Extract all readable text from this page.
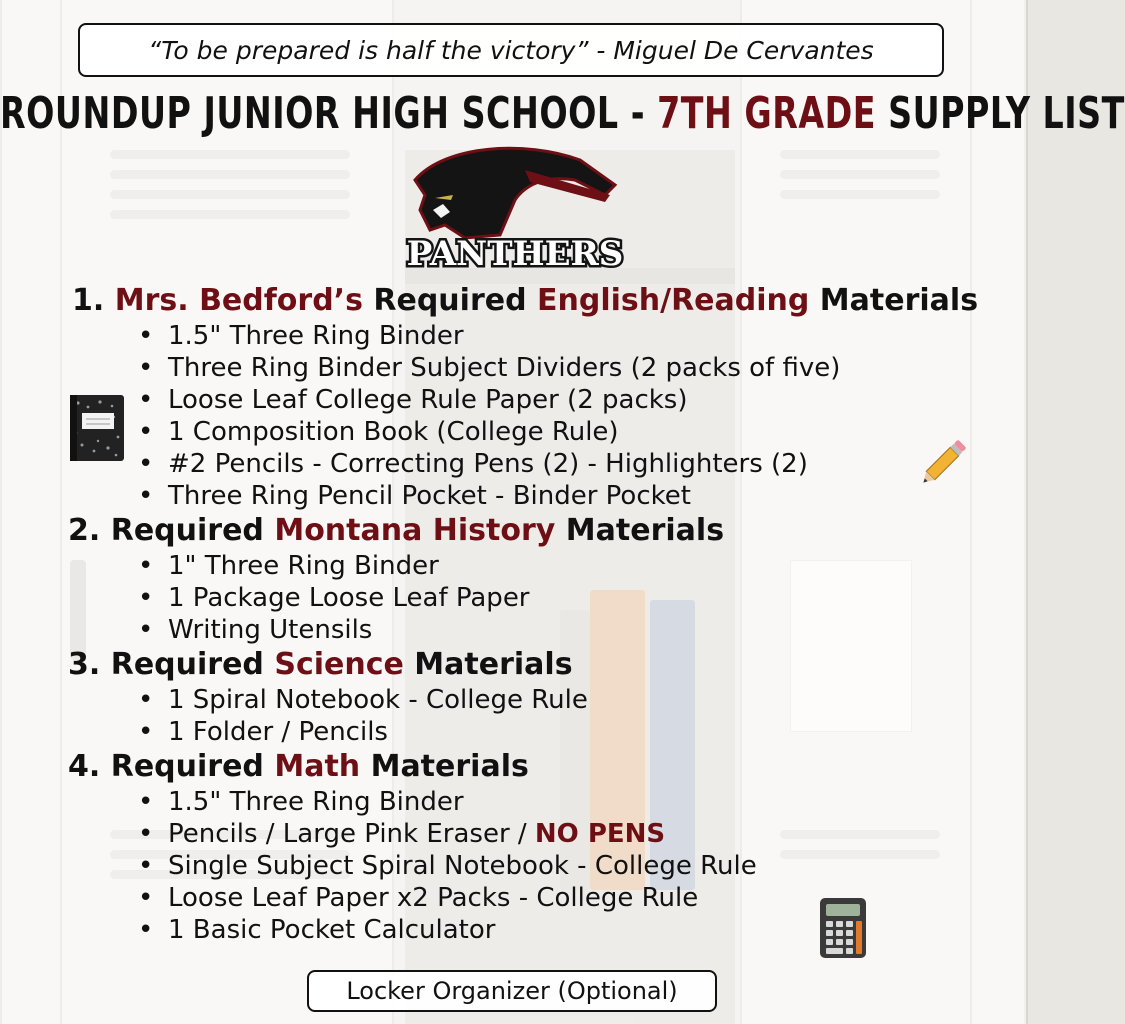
“To be prepared is half the victory” - Miguel De Cervantes
ROUNDUP JUNIOR HIGH SCHOOL - 7TH GRADE SUPPLY LIST
PANTHERS

1. Mrs. Bedford’s Required English/Reading Materials

• 1.5" Three Ring Binder
• Three Ring Binder Subject Dividers (2 packs of five)
• Loose Leaf College Rule Paper (2 packs)
• 1 Composition Book (College Rule)
• #2 Pencils - Correcting Pens (2) - Highlighters (2)
• Three Ring Pencil Pocket - Binder Pocket

2. Required Montana History Materials

• 1" Three Ring Binder
• 1 Package Loose Leaf Paper
• Writing Utensils

3. Required Science Materials

• 1 Spiral Notebook - College Rule
• 1 Folder / Pencils

4. Required Math Materials

• 1.5" Three Ring Binder
• Pencils / Large Pink Eraser / NO PENS
• Single Subject Spiral Notebook - College Rule
• Loose Leaf Paper x2 Packs - College Rule
• 1 Basic Pocket Calculator
Locker Organizer (Optional)
